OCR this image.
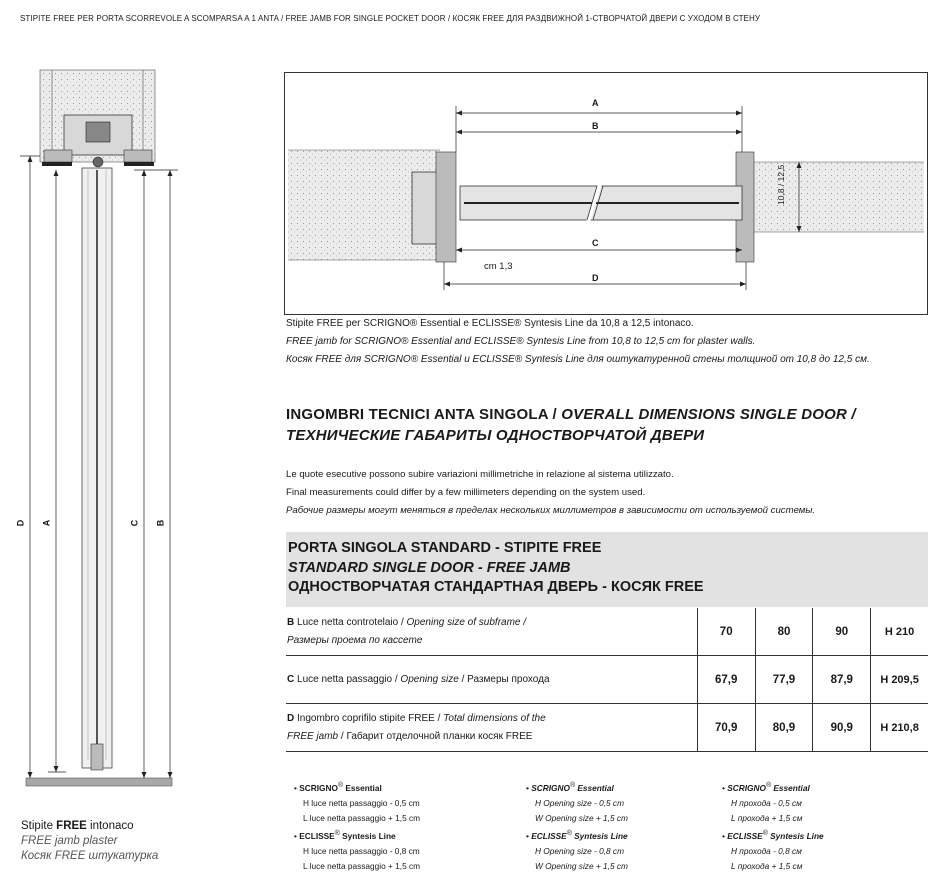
STIPITE FREE PER PORTA SCORREVOLE A SCOMPARSA A 1 ANTA / FREE JAMB FOR SINGLE POCKET DOOR / КОСЯК FREE ДЛЯ РАЗДВИЖНОЙ 1-СТВОРЧАТОЙ ДВЕРИ С УХОДОМ В СТЕНУ
D A	C B
A
B
C
D
cm 1,3
10,8 / 12,5
Stipite FREE per SCRIGNO® Essential e ECLISSE® Syntesis Line da 10,8 a 12,5 intonaco.
FREE jamb for SCRIGNO® Essential and ECLISSE® Syntesis Line from 10,8 to 12,5 cm for plaster walls.
Косяк FREE для SCRIGNO® Essential и ECLISSE® Syntesis Line для оштукатуренной стены толщиной от 10,8 до 12,5 см.
INGOMBRI TECNICI ANTA SINGOLA / OVERALL DIMENSIONS SINGLE DOOR /
ТЕХНИЧЕСКИЕ ГАБАРИТЫ ОДНОСТВОРЧАТОЙ ДВЕРИ
Le quote esecutive possono subire variazioni millimetriche in relazione al sistema utilizzato.
Final measurements could differ by a few millimeters depending on the system used.
Рабочие размеры могут меняться в пределах нескольких миллиметров в зависимости от используемой системы.
PORTA SINGOLA STANDARD - STIPITE FREE
STANDARD SINGLE DOOR - FREE JAMB
ОДНОСТВОРЧАТАЯ СТАНДАРТНАЯ ДВЕРЬ - КОСЯК FREE
B Luce netta controtelaio / Opening size of subframe /
Размеры проема по кассете	70	80	90	H 210
C Luce netta passaggio / Opening size / Размеры прохода	67,9	77,9	87,9	H 209,5
D Ingombro coprifilo stipite FREE / Total dimensions of the
FREE jamb / Габарит отделочной планки косяк FREE	70,9	80,9	90,9	H 210,8
• SCRIGNO® Essential
H luce netta passaggio - 0,5 cm
L luce netta passaggio + 1,5 cm
• ECLISSE® Syntesis Line
H luce netta passaggio - 0,8 cm
L luce netta passaggio + 1,5 cm
• SCRIGNO® Essential
H Opening size - 0,5 cm
W Opening size + 1,5 cm
• ECLISSE® Syntesis Line
H Opening size - 0,8 cm
W Opening size + 1,5 cm
• SCRIGNO® Essential
H прохода - 0,5 см
L прохода + 1,5 см
• ECLISSE® Syntesis Line
H прохода - 0,8 см
L прохода + 1,5 см
Stipite FREE intonaco
FREE jamb plaster
Косяк FREE штукатурка
